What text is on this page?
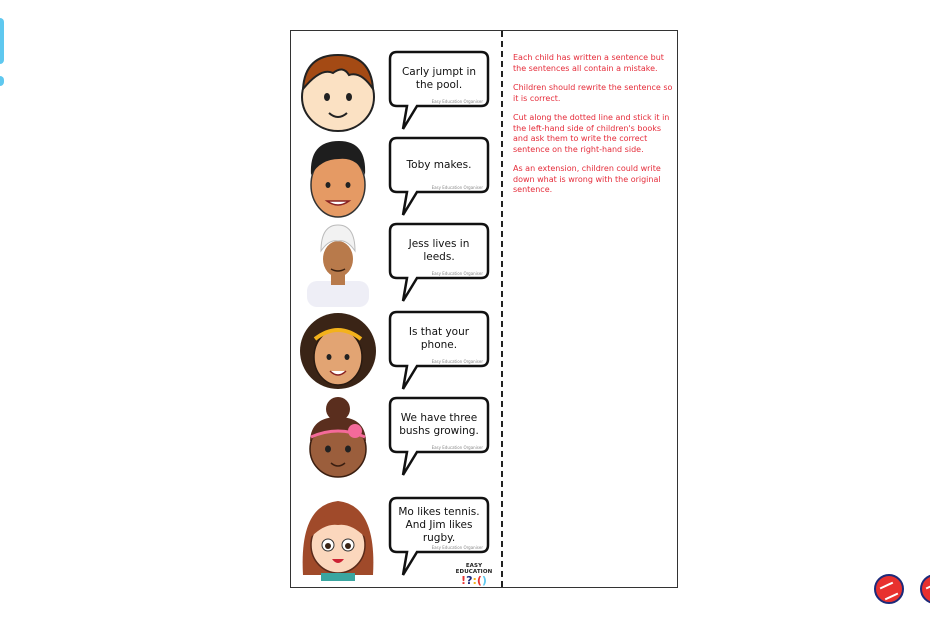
Carly jumpt in the pool.
Easy Education Organiser
Toby makes.
Easy Education Organiser
Jess lives in leeds.
Easy Education Organiser
Is that your phone.
Easy Education Organiser
We have three bushs growing.
Easy Education Organiser
Mo likes tennis. And Jim likes rugby.
Easy Education Organiser
EASY EDUCATION
!?:()

Each child has written a sentence but the sentences all contain a mistake.

Children should rewrite the sentence so it is correct.

Cut along the dotted line and stick it in the left-hand side of children's books and ask them to write the correct sentence on the right-hand side.

As an extension, children could write down what is wrong with the original sentence.
